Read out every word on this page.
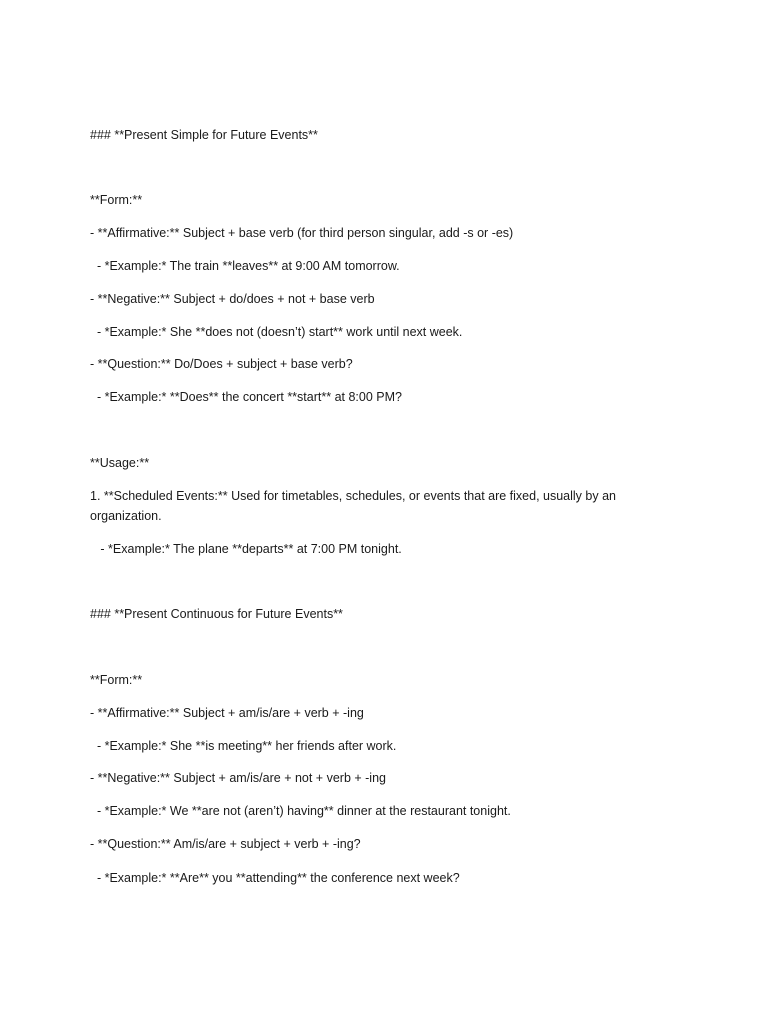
### **Present Simple for Future Events**
**Form:**
- **Affirmative:** Subject + base verb (for third person singular, add -s or -es)
- *Example:* The train **leaves** at 9:00 AM tomorrow.
- **Negative:** Subject + do/does + not + base verb
- *Example:* She **does not (doesn’t) start** work until next week.
- **Question:** Do/Does + subject + base verb?
- *Example:* **Does** the concert **start** at 8:00 PM?
**Usage:**
1. **Scheduled Events:** Used for timetables, schedules, or events that are fixed, usually by an organization.
- *Example:* The plane **departs** at 7:00 PM tonight.
### **Present Continuous for Future Events**
**Form:**
- **Affirmative:** Subject + am/is/are + verb + -ing
- *Example:* She **is meeting** her friends after work.
- **Negative:** Subject + am/is/are + not + verb + -ing
- *Example:* We **are not (aren’t) having** dinner at the restaurant tonight.
- **Question:** Am/is/are + subject + verb + -ing?
- *Example:* **Are** you **attending** the conference next week?
